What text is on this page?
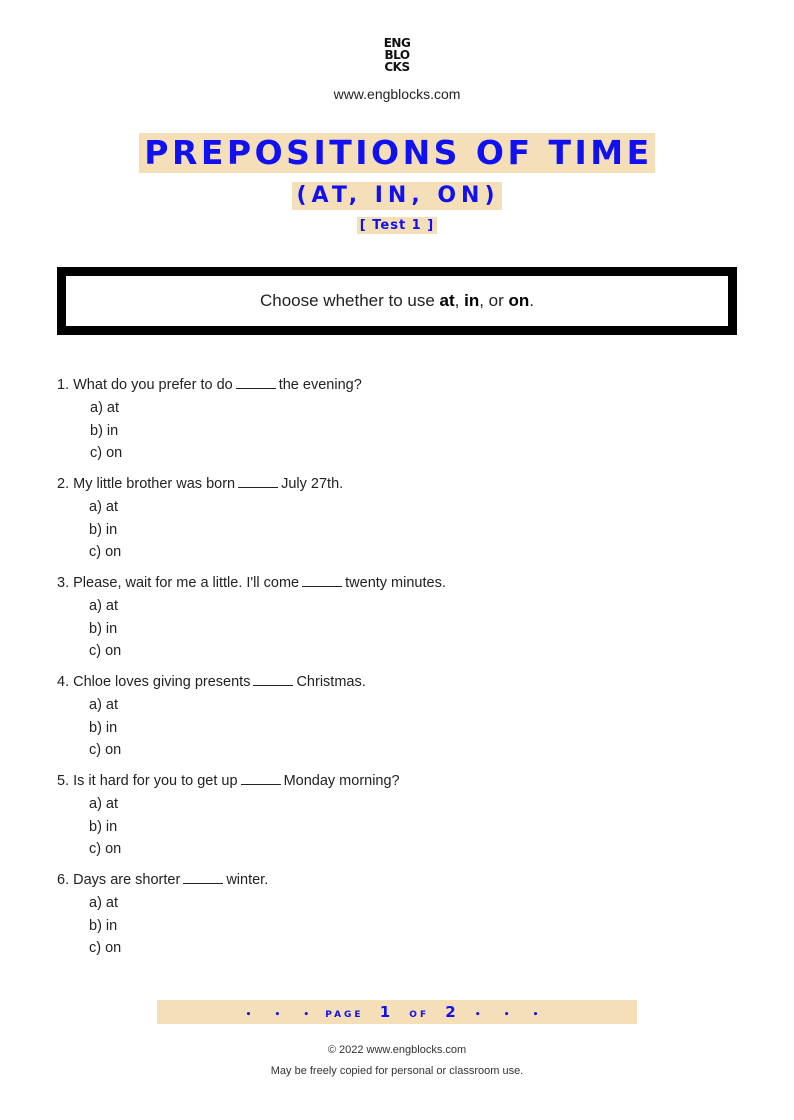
ENG
BLO
CKS
www.engblocks.com
PREPOSITIONS OF TIME
(AT, IN, ON)
[ Test 1 ]
Choose whether to use at, in, or on.
1. What do you prefer to do	the evening?
a) at
b) in
c) on
2. My little brother was born	July 27th.
a) at
b) in
c) on
3. Please, wait for me a little. I'll come	twenty minutes.
a) at
b) in
c) on
4. Chloe loves giving presents	Christmas.
a) at
b) in
c) on
5. Is it hard for you to get up	Monday morning?
a) at
b) in
c) on
6. Days are shorter	winter.
a) at
b) in
c) on
• • • PAGE 1 OF 2 • • •
© 2022 www.engblocks.com
May be freely copied for personal or classroom use.
